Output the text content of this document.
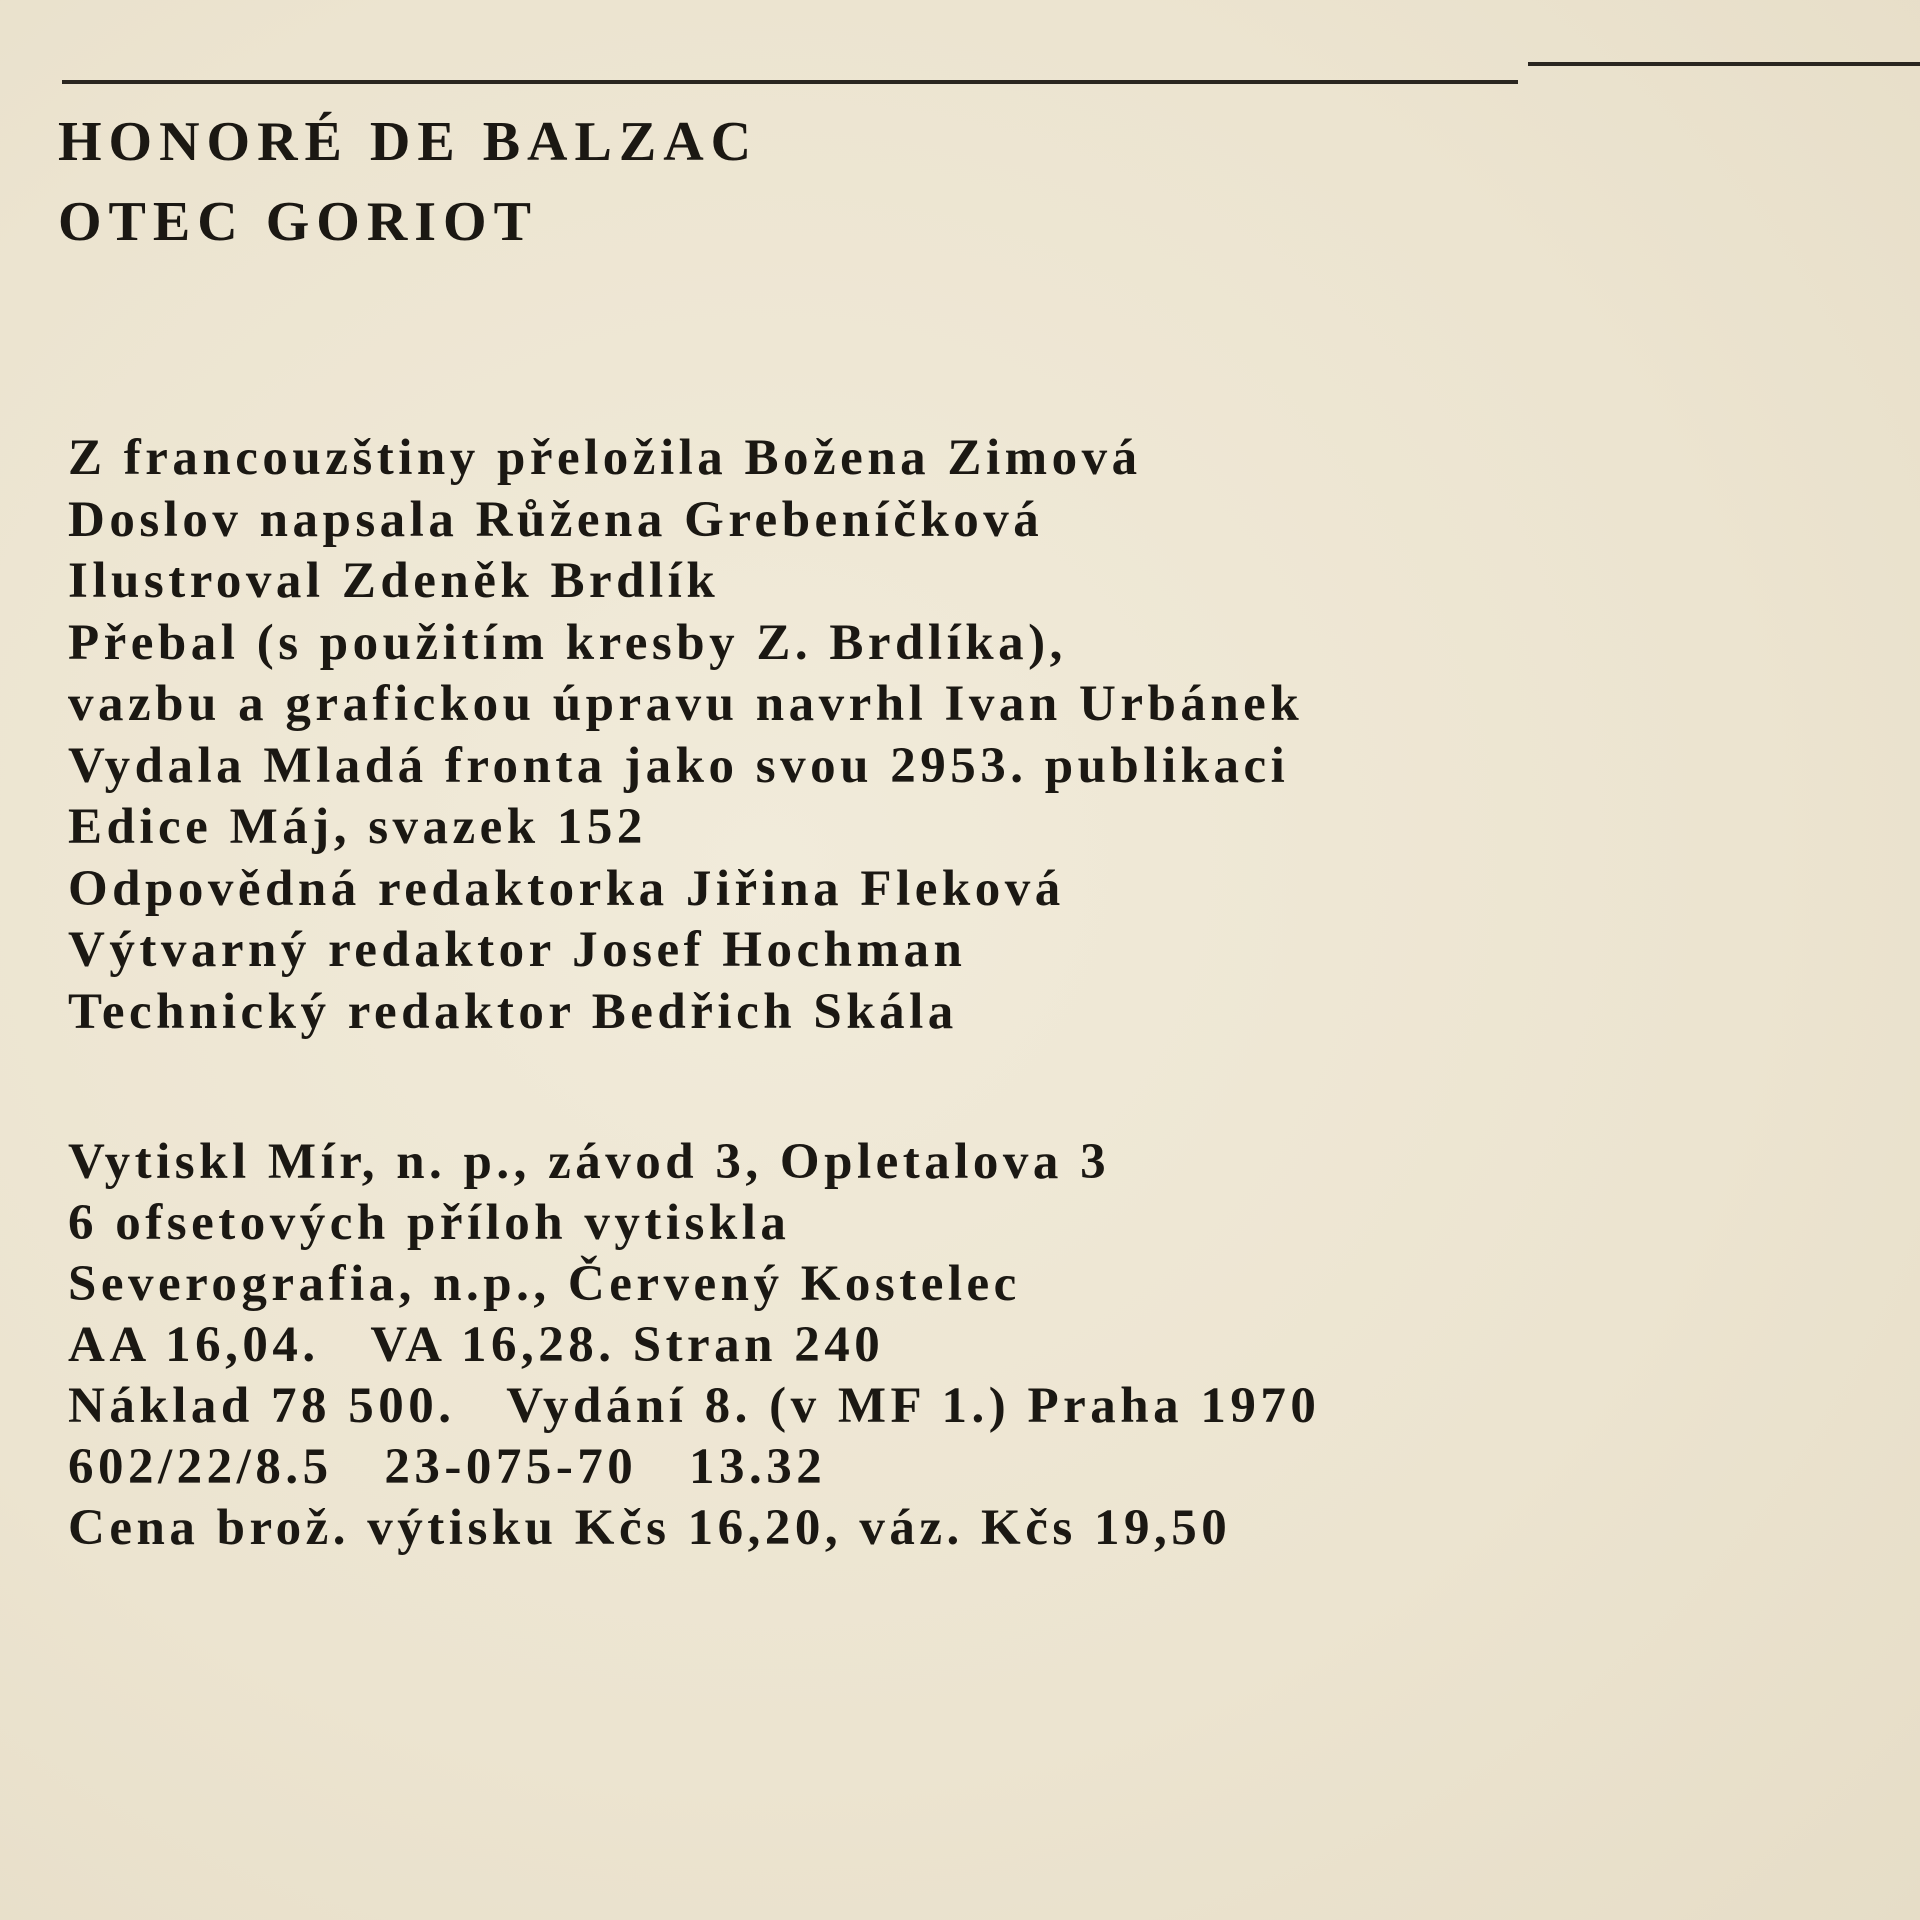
HONORÉ DE BALZAC
OTEC GORIOT
Z francouzštiny přeložila Božena Zimová
Doslov napsala Růžena Grebeníčková
Ilustroval Zdeněk Brdlík
Přebal (s použitím kresby Z. Brdlíka),
vazbu a grafickou úpravu navrhl Ivan Urbánek
Vydala Mladá fronta jako svou 2953. publikaci
Edice Máj, svazek 152
Odpovědná redaktorka Jiřina Fleková
Výtvarný redaktor Josef Hochman
Technický redaktor Bedřich Skála
Vytiskl Mír, n. p., závod 3, Opletalova 3
6 ofsetových příloh vytiskla
Severografia, n.p., Červený Kostelec
AA 16,04.   VA 16,28. Stran 240
Náklad 78 500.   Vydání 8. (v MF 1.) Praha 1970
602/22/8.5   23-075-70   13.32
Cena brož. výtisku Kčs 16,20, váz. Kčs 19,50
